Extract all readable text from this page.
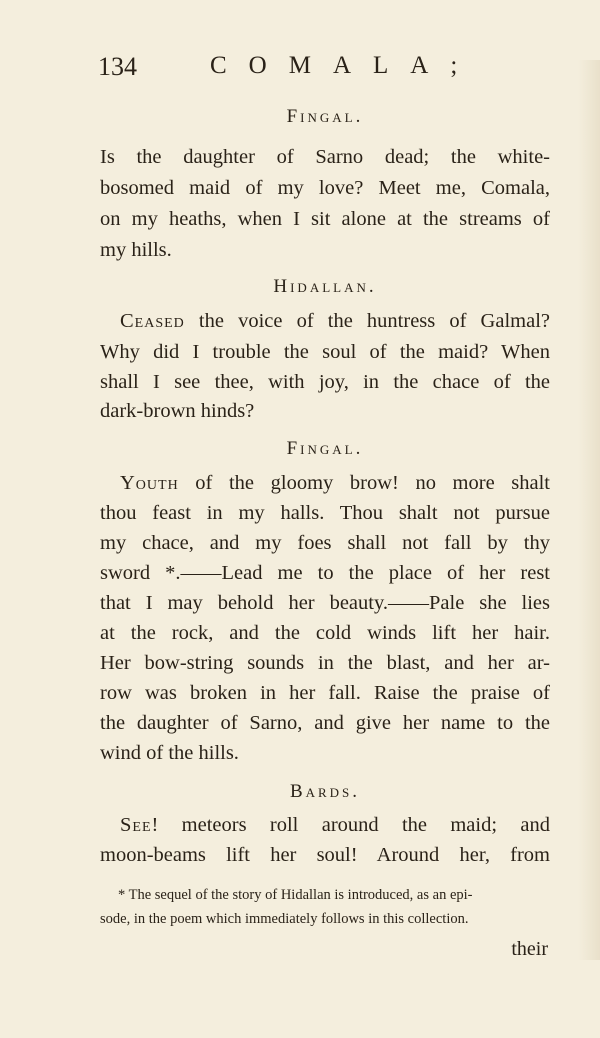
134	COMALA;
Fingal.
Is the daughter of Sarno dead; the white-
bosomed maid of my love? Meet me, Comala,
on my heaths, when I sit alone at the streams of
my hills.
Hidallan.
Ceased the voice of the huntress of Galmal?
Why did I trouble the soul of the maid? When
shall I see thee, with joy, in the chace of the
dark-brown hinds?
Fingal.
Youth of the gloomy brow! no more shalt
thou feast in my halls. Thou shalt not pursue
my chace, and my foes shall not fall by thy
sword *.——Lead me to the place of her rest
that I may behold her beauty.——Pale she lies
at the rock, and the cold winds lift her hair.
Her bow-string sounds in the blast, and her ar-
row was broken in her fall. Raise the praise of
the daughter of Sarno, and give her name to the
wind of the hills.
Bards.
See! meteors roll around the maid; and
moon-beams lift her soul! Around her, from
* The sequel of the story of Hidallan is introduced, as an epi-
sode, in the poem which immediately follows in this collection.
their
